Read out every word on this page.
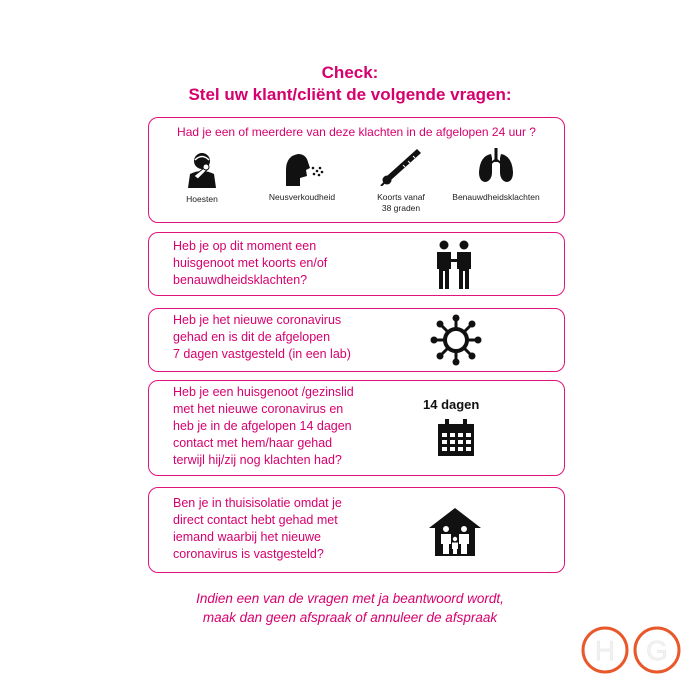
Check:
Stel uw klant/cliënt de volgende vragen:
Had je een of meerdere van deze klachten in de afgelopen 24 uur ?
Hoesten	Neusverkoudheid	Koorts vanaf
38 graden
Benauwdheidsklachten
Heb je op dit moment een
huisgenoot met koorts en/of
benauwdheidsklachten?
Heb je het nieuwe coronavirus
gehad en is dit de afgelopen
7 dagen vastgesteld (in een lab)
Heb je een huisgenoot /gezinslid
met het nieuwe coronavirus en
heb je in de afgelopen 14 dagen
contact met hem/haar gehad
terwijl hij/zij nog klachten had?
14 dagen
Ben je in thuisisolatie omdat je
direct contact hebt gehad met
iemand waarbij het nieuwe
coronavirus is vastgesteld?
Indien een van de vragen met ja beantwoord wordt,
maak dan geen afspraak of annuleer de afspraak
H G
